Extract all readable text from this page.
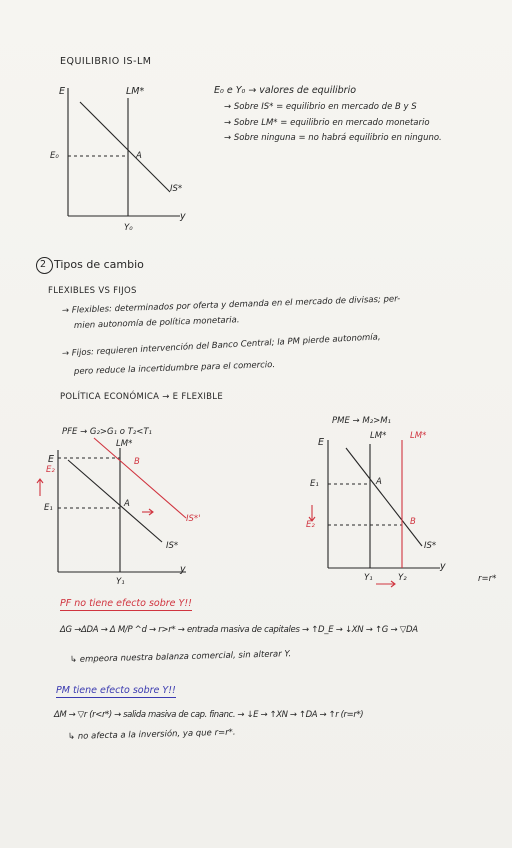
EQUILIBRIO IS-LM
E	LM*
E₀	A
IS*
Y₀
y
E₀ e Y₀ → valores de equilibrio
→ Sobre IS* = equilibrio en mercado de B y S
→ Sobre LM* = equilibrio en mercado monetario
→ Sobre ninguna = no habrá equilibrio en ninguno.
2 Tipos de cambio
FLEXIBLES VS FIJOS
→ Flexibles: determinados por oferta y demanda en el mercado de divisas; per-
mien autonomía de política monetaria.
→ Fijos: requieren intervención del Banco Central; la PM pierde autonomía,
pero reduce la incertidumbre para el comercio.
POLÍTICA ECONÓMICA → E FLEXIBLE
PFE → G₂>G₁ o T₂<T₁
E
LM*
E₂
E₁
B
A
IS*'
IS*
Y₁
y
PME → M₂>M₁
E
LM*	LM*
E₁
E₂
A
B
IS*
Y₁	Y₂
y
PF no tiene efecto sobre Y!!
r=r*
ΔG →ΔDA → Δ M/P ^d → r>r* → entrada masiva de capitales → ↑D_E → ↓XN → ↑G → ▽DA
↳ empeora nuestra balanza comercial, sin alterar Y.
PM tiene efecto sobre Y!!
ΔM → ▽r (r<r*) → salida masiva de cap. financ. → ↓E → ↑XN → ↑DA → ↑r (r=r*)
↳ no afecta a la inversión, ya que r=r*.
